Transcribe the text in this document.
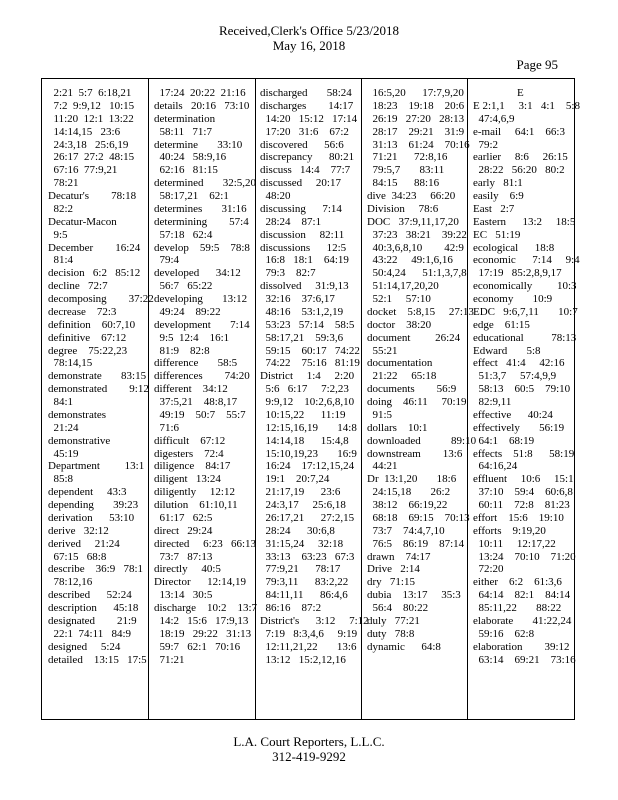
Received,Clerk's Office 5/23/2018
May 16, 2018
Page 95
2:21  5:7  6:18,21
7:2  9:9,12   10:15
11:20  12:1  13:22
14:14,15   23:6
24:3,18   25:6,19
26:17  27:2  48:15
67:16  77:9,21
78:21
Decatur's        78:18
82:2
Decatur-Macon
9:5
December        16:24
81:4
decision   6:2   85:12
decline   72:7
decomposing        37:22
decrease    72:3
definition    60:7,10
definitive    67:12
degree    75:22,23
78:14,15
demonstrate       83:15
demonstrated        9:12
84:1
demonstrates
21:24
demonstrative
45:19
Department         13:1
85:8
dependent     43:3
depending       39:23
derivation      53:10
derive   32:12
derived     21:24
67:15   68:8
describe    36:9   78:1
78:12,16
described      52:24
description      45:18
designated        21:9
22:1  74:11   84:9
designed     5:24
detailed    13:15   17:5
17:24  20:22  21:16
details   20:16   73:10
determination
58:11   71:7
determine       33:10
40:24   58:9,16
62:16   81:15
determined       32:5,20
58:17,21    62:1
determines       31:16
determining        57:4
57:18   62:4
develop    59:5    78:8
79:4
developed      34:12
56:7   65:22
developing       13:12
49:24    89:22
development       7:14
9:5  12:4    16:1
81:9    82:8
difference       58:5
differences        74:20
different    34:12
37:5,21    48:8,17
49:19    50:7    55:7
71:6
difficult    67:12
digesters    72:4
diligence    84:17
diligent   13:24
diligently     12:12
dilution    61:10,11
61:17   62:5
direct   29:24
directed     6:23   66:13
73:7   87:13
directly     40:5
Director      12:14,19
13:14   30:5
discharge    10:2    13:7
14:2   15:6   17:9,13
18:19   29:22   31:13
59:7   62:1   70:16
71:21
discharged       58:24
discharges        14:17
14:20   15:12   17:14
17:20   31:6    67:2
discovered      56:6
discrepancy      80:21
discuss   14:4    77:7
discussed     20:17
48:20
discussing      7:14
28:24    87:1
discussion     82:11
discussions      12:5
16:8   18:1    64:19
79:3    82:7
dissolved     31:9,13
32:16    37:6,17
48:16    53:1,2,19
53:23   57:14    58:5
58:17,21    59:3,6
59:15    60:17   74:22
74:22    75:16   81:19
District     1:4     2:20
5:6   6:17     7:2,23
9:9,12    10:2,6,8,10
10:15,22      11:19
12:15,16,19       14:8
14:14,18      15:4,8
15:10,19,23       16:9
16:24    17:12,15,24
19:1    20:7,24
21:17,19      23:6
24:3,17     25:6,18
26:17,21      27:2,15
28:24      30:6,8
31:15,24     32:18
33:13    63:23   67:3
77:9,21      78:17
79:3,11      83:2,22
84:11,11      86:4,6
86:16    87:2
District's      3:12     7:12
7:19   8:3,4,6     9:19
12:11,21,22       13:6
13:12   15:2,12,16
16:5,20      17:7,9,20
18:23    19:18    20:6
26:19   27:20   28:13
28:17    29:21    31:9
31:13    61:24    70:16
71:21      72:8,16
79:5,7       83:11
84:15      88:16
dive  34:23     66:20
Division     78:6
DOC   37:9,11,17,20
37:23   38:21    39:22
40:3,6,8,10        42:9
43:22     49:1,6,16
50:4,24      51:1,3,7,8
51:14,17,20,20
52:1     57:10
docket    5:8,15     27:13
doctor    38:20
document         26:24
55:21
documentation
21:22     65:18
documents        56:9
doing    46:11     70:19
91:5
dollars    10:1
downloaded           89:10
downstream        13:6
44:21
Dr  13:1,20       18:6
24:15,18       26:2
38:12    66:19,22
68:18    69:15    70:13
73:7    74:4,7,10
76:5    86:19    87:14
drawn    74:17
Drive   2:14
dry   71:15
dubia    13:17     35:3
56:4    80:22
duly   77:21
duty   78:8
dynamic      64:8
E
E 2:1,1     3:1   4:1    5:8
47:4,6,9
e-mail     64:1    66:3
79:2
earlier     8:6     26:15
28:22   56:20   80:2
early   81:1
easily    6:9
East   2:7
Eastern      13:2     18:5
EC   51:19
ecological      18:8
economic      7:14     9:4
17:19   85:2,8,9,17
economically         10:3
economy       10:9
EDC   9:6,7,11       10:7
edge    61:15
educational          78:13
Edward       5:8
effect   41:4     42:16
51:3,7     57:4,9,9
58:13    60:5    79:10
82:9,11
effective      40:24
effectively       56:19
64:1    68:19
effects    51:8      58:19
64:16,24
effluent     10:6     15:1
37:10    59:4    60:6,8
60:11    72:8    81:23
effort    15:6    19:10
efforts    9:19,20
10:11     12:17,22
13:24    70:10    71:20
72:20
either    6:2    61:3,6
64:14    82:1    84:14
85:11,22       88:22
elaborate       41:22,24
59:16    62:8
elaboration        39:12
63:14    69:21    73:16
L.A. Court Reporters, L.L.C.
312-419-9292
